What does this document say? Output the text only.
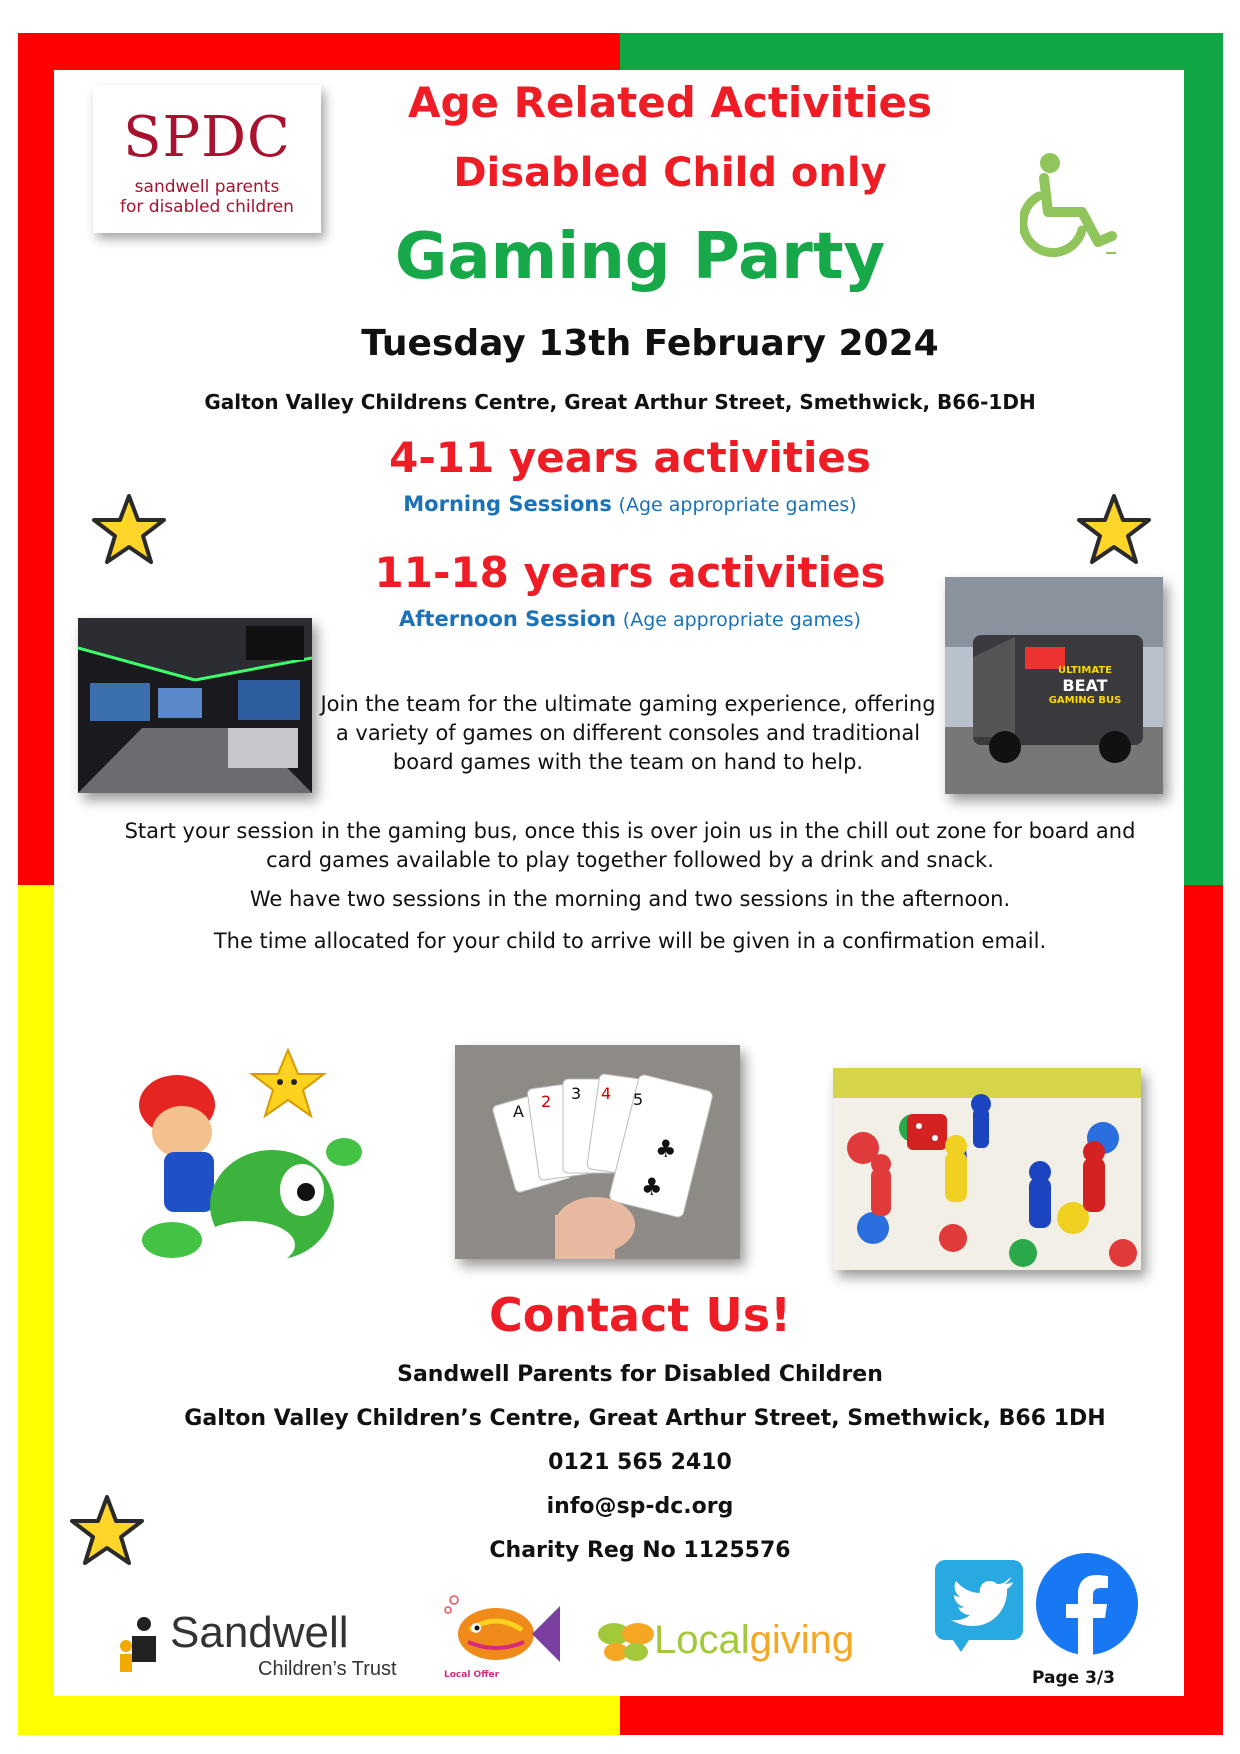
SPDC
sandwell parents
for disabled children
Age Related Activities
Disabled Child only
Gaming Party
Tuesday 13th February 2024
Galton Valley Childrens Centre, Great Arthur Street, Smethwick, B66-1DH
4-11 years activities
Morning Sessions (Age appropriate games)
11-18 years activities
Afternoon Session (Age appropriate games)
ULTIMATE
BEAT
GAMING BUS
Join the team for the ultimate gaming experience, offering a variety of games on different consoles and traditional board games with the team on hand to help.
Start your session in the gaming bus, once this is over join us in the chill out zone for board and card games available to play together followed by a drink and snack.
We have two sessions in the morning and two sessions in the afternoon.
The time allocated for your child to arrive will be given in a confirmation email.
A
2 3 4 5
♣
♣
Contact Us!
Sandwell Parents for Disabled Children
Galton Valley Children’s Centre, Great Arthur Street, Smethwick, B66 1DH
0121 565 2410
info@sp-dc.org
Charity Reg No 1125576
Sandwell
Children’s Trust	Local Offer
Localgiving
Page 3/3
